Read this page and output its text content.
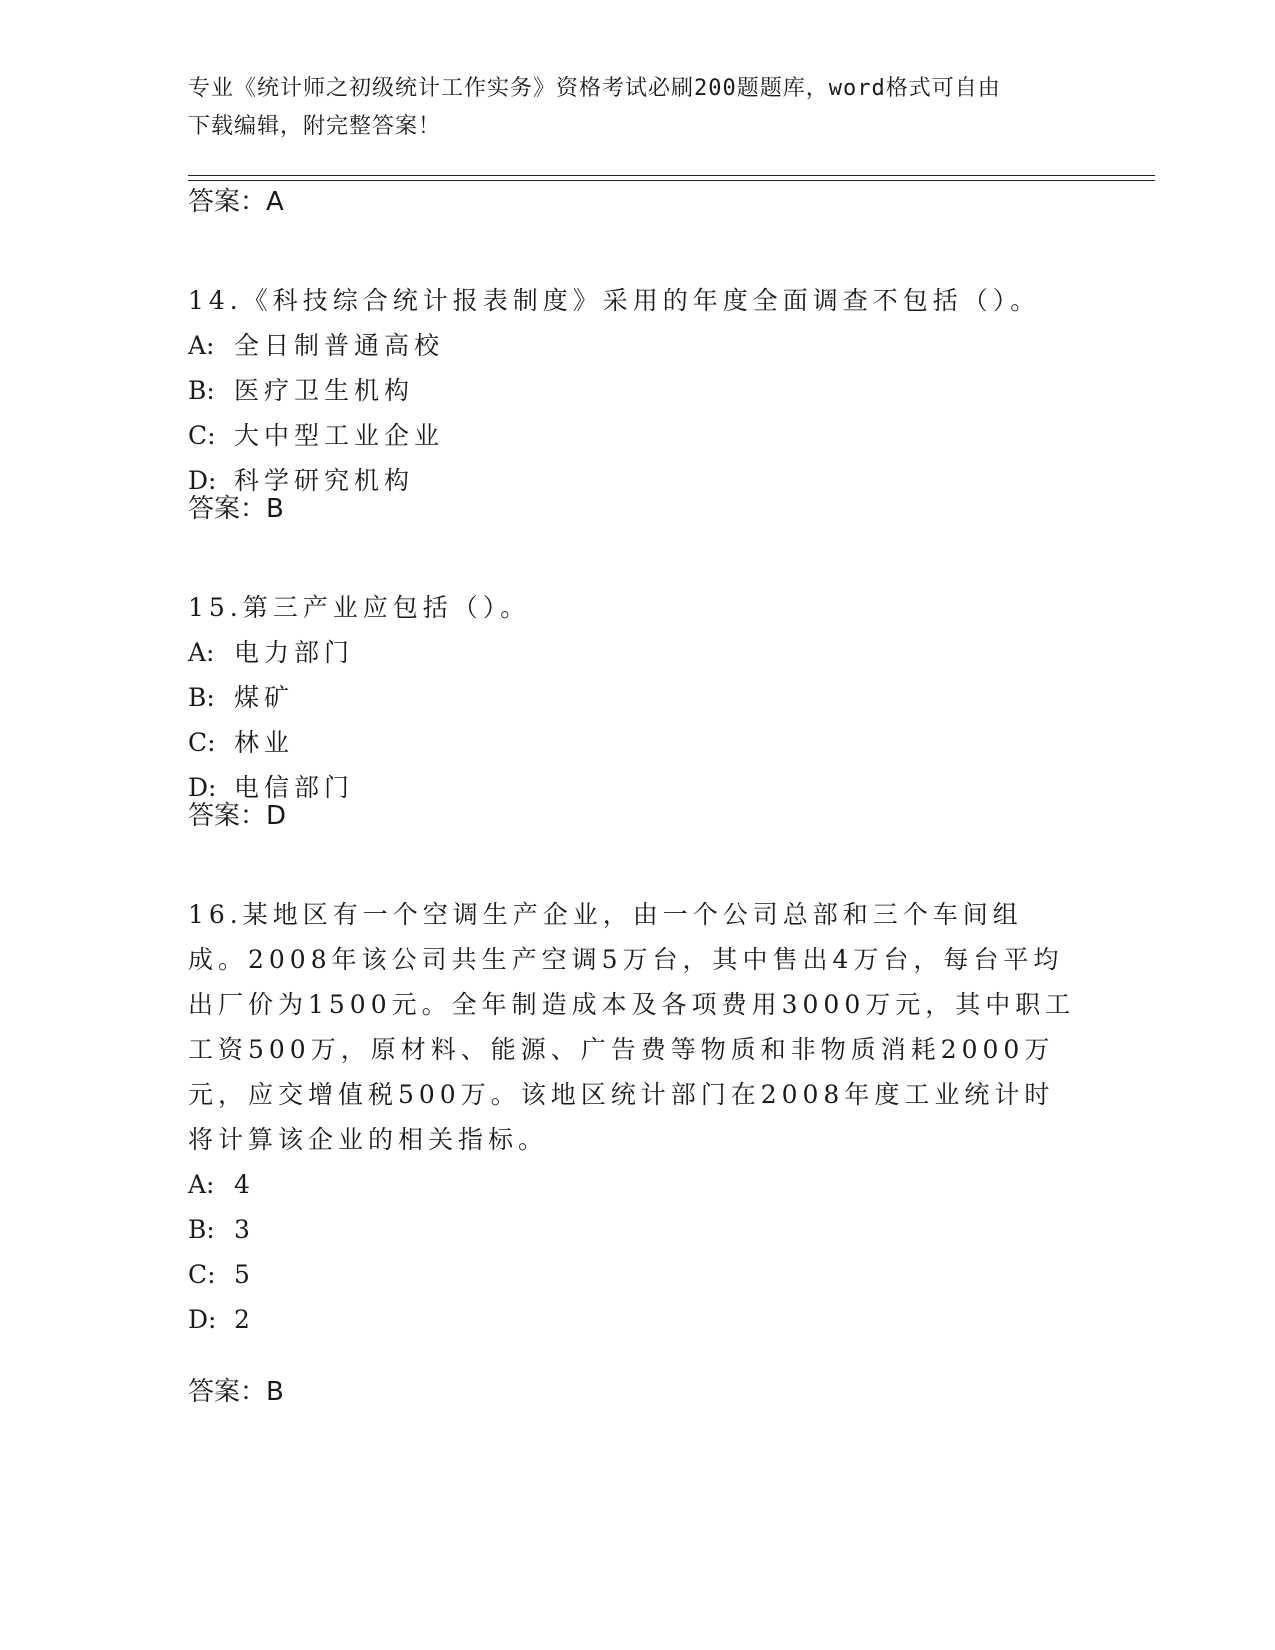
专业《统计师之初级统计工作实务》资格考试必刷200题题库，word格式可自由
下载编辑，附完整答案！
答案：A
14.《科技综合统计报表制度》采用的年度全面调查不包括（）。
A: 全日制普通高校
B: 医疗卫生机构
C: 大中型工业企业
D: 科学研究机构
答案：B
15.第三产业应包括（）。
A: 电力部门
B: 煤矿
C: 林业
D: 电信部门
答案：D
16.某地区有一个空调生产企业，由一个公司总部和三个车间组成。2008年该公司共生产空调5万台，其中售出4万台，每台平均出厂价为1500元。全年制造成本及各项费用3000万元，其中职工工资500万，原材料、能源、广告费等物质和非物质消耗2000万元，应交增值税500万。该地区统计部门在2008年度工业统计时将计算该企业的相关指标。
A: 4
B: 3
C: 5
D: 2
答案：B
